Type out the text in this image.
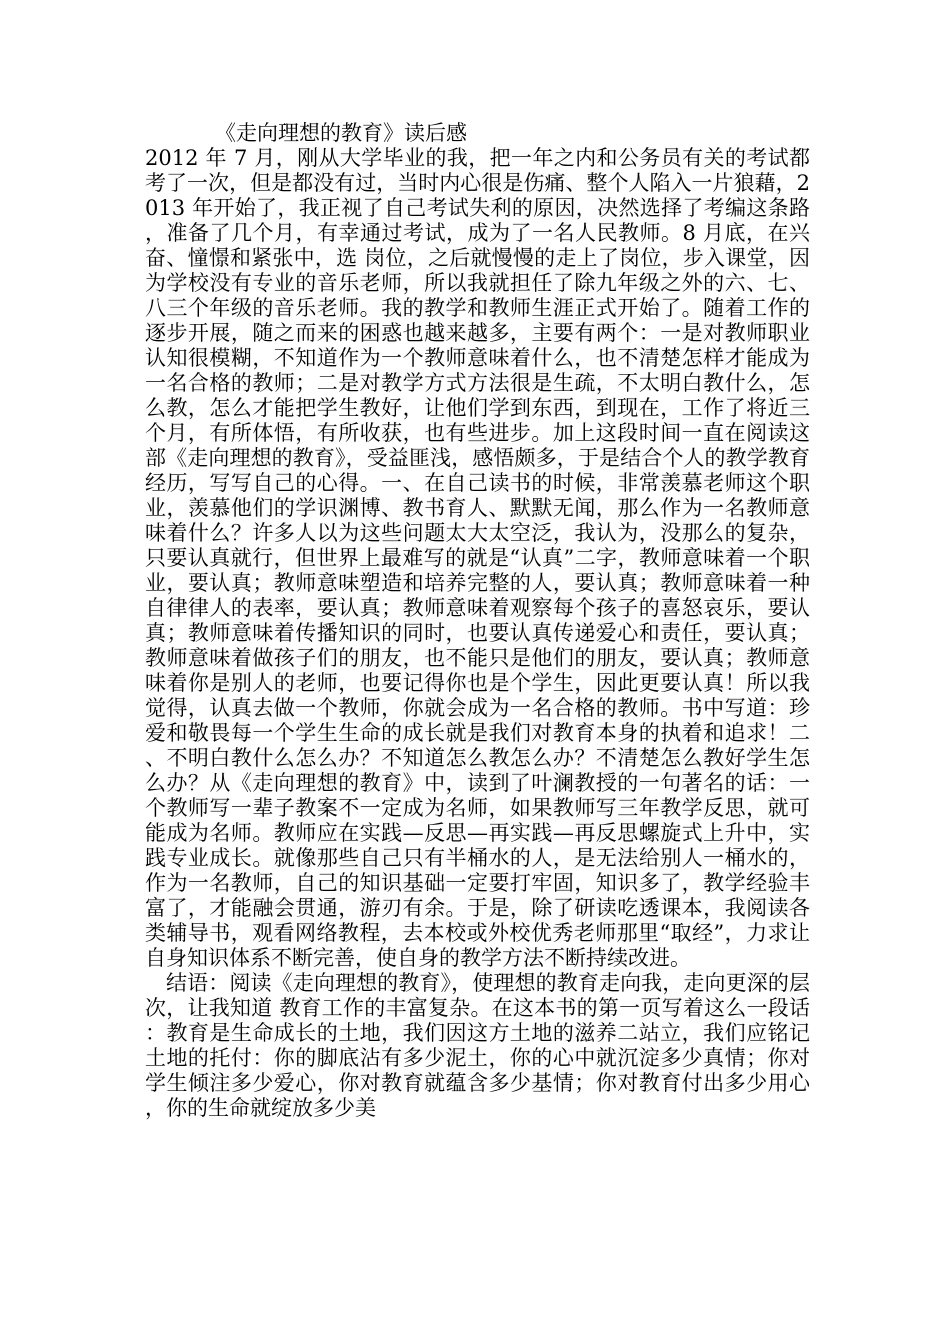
《走向理想的教育》读后感

2012 年 7 月，刚从大学毕业的我，把一年之内和公务员有关的考试都考了一次，但是都没有过，当时内心很是伤痛、整个人陷入一片狼藉，2013 年开始了，我正视了自己考试失利的原因，决然选择了考编这条路，准备了几个月，有幸通过考试，成为了一名人民教师。8 月底，在兴奋、憧憬和紧张中，选 岗位，之后就慢慢的走上了岗位，步入课堂，因为学校没有专业的音乐老师，所以我就担任了除九年级之外的六、七、八三个年级的音乐老师。我的教学和教师生涯正式开始了。随着工作的逐步开展，随之而来的困惑也越来越多，主要有两个：一是对教师职业认知很模糊，不知道作为一个教师意味着什么，也不清楚怎样才能成为一名合格的教师；二是对教学方式方法很是生疏，不太明白教什么，怎么教，怎么才能把学生教好，让他们学到东西，到现在，工作了将近三个月，有所体悟，有所收获，也有些进步。加上这段时间一直在阅读这部《走向理想的教育》，受益匪浅，感悟颇多，于是结合个人的教学教育经历，写写自己的心得。一、在自己读书的时候，非常羡慕老师这个职业，羡慕他们的学识渊博、教书育人、默默无闻，那么作为一名教师意味着什么？许多人以为这些问题太大太空泛，我认为，没那么的复杂，只要认真就行，但世界上最难写的就是“认真”二字，教师意味着一个职业，要认真；教师意味塑造和培养完整的人，要认真；教师意味着一种自律律人的表率，要认真；教师意味着观察每个孩子的喜怒哀乐，要认真；教师意味着传播知识的同时，也要认真传递爱心和责任，要认真；教师意味着做孩子们的朋友，也不能只是他们的朋友，要认真；教师意味着你是别人的老师，也要记得你也是个学生，因此更要认真！所以我觉得，认真去做一个教师，你就会成为一名合格的教师。书中写道：珍爱和敬畏每一个学生生命的成长就是我们对教育本身的执着和追求！二 、不明白教什么怎么办？不知道怎么教怎么办？不清楚怎么教好学生怎么办？从《走向理想的教育》中，读到了叶澜教授的一句著名的话：一个教师写一辈子教案不一定成为名师，如果教师写三年教学反思，就可能成为名师。教师应在实践—反思—再实践—再反思螺旋式上升中，实践专业成长。就像那些自己只有半桶水的人，是无法给别人一桶水的，作为一名教师，自己的知识基础一定要打牢固，知识多了，教学经验丰富了，才能融会贯通，游刃有余。于是，除了研读吃透课本，我阅读各类辅导书，观看网络教程，去本校或外校优秀老师那里“取经”，力求让自身知识体系不断完善，使自身的教学方法不断持续改进。

结语：阅读《走向理想的教育》，使理想的教育走向我，走向更深的层次，让我知道 教育工作的丰富复杂。在这本书的第一页写着这么一段话：教育是生命成长的土地，我们因这方土地的滋养二站立，我们应铭记土地的托付：你的脚底沾有多少泥土，你的心中就沉淀多少真情；你对学生倾注多少爱心，你对教育就蕴含多少基情；你对教育付出多少用心，你的生命就绽放多少美
